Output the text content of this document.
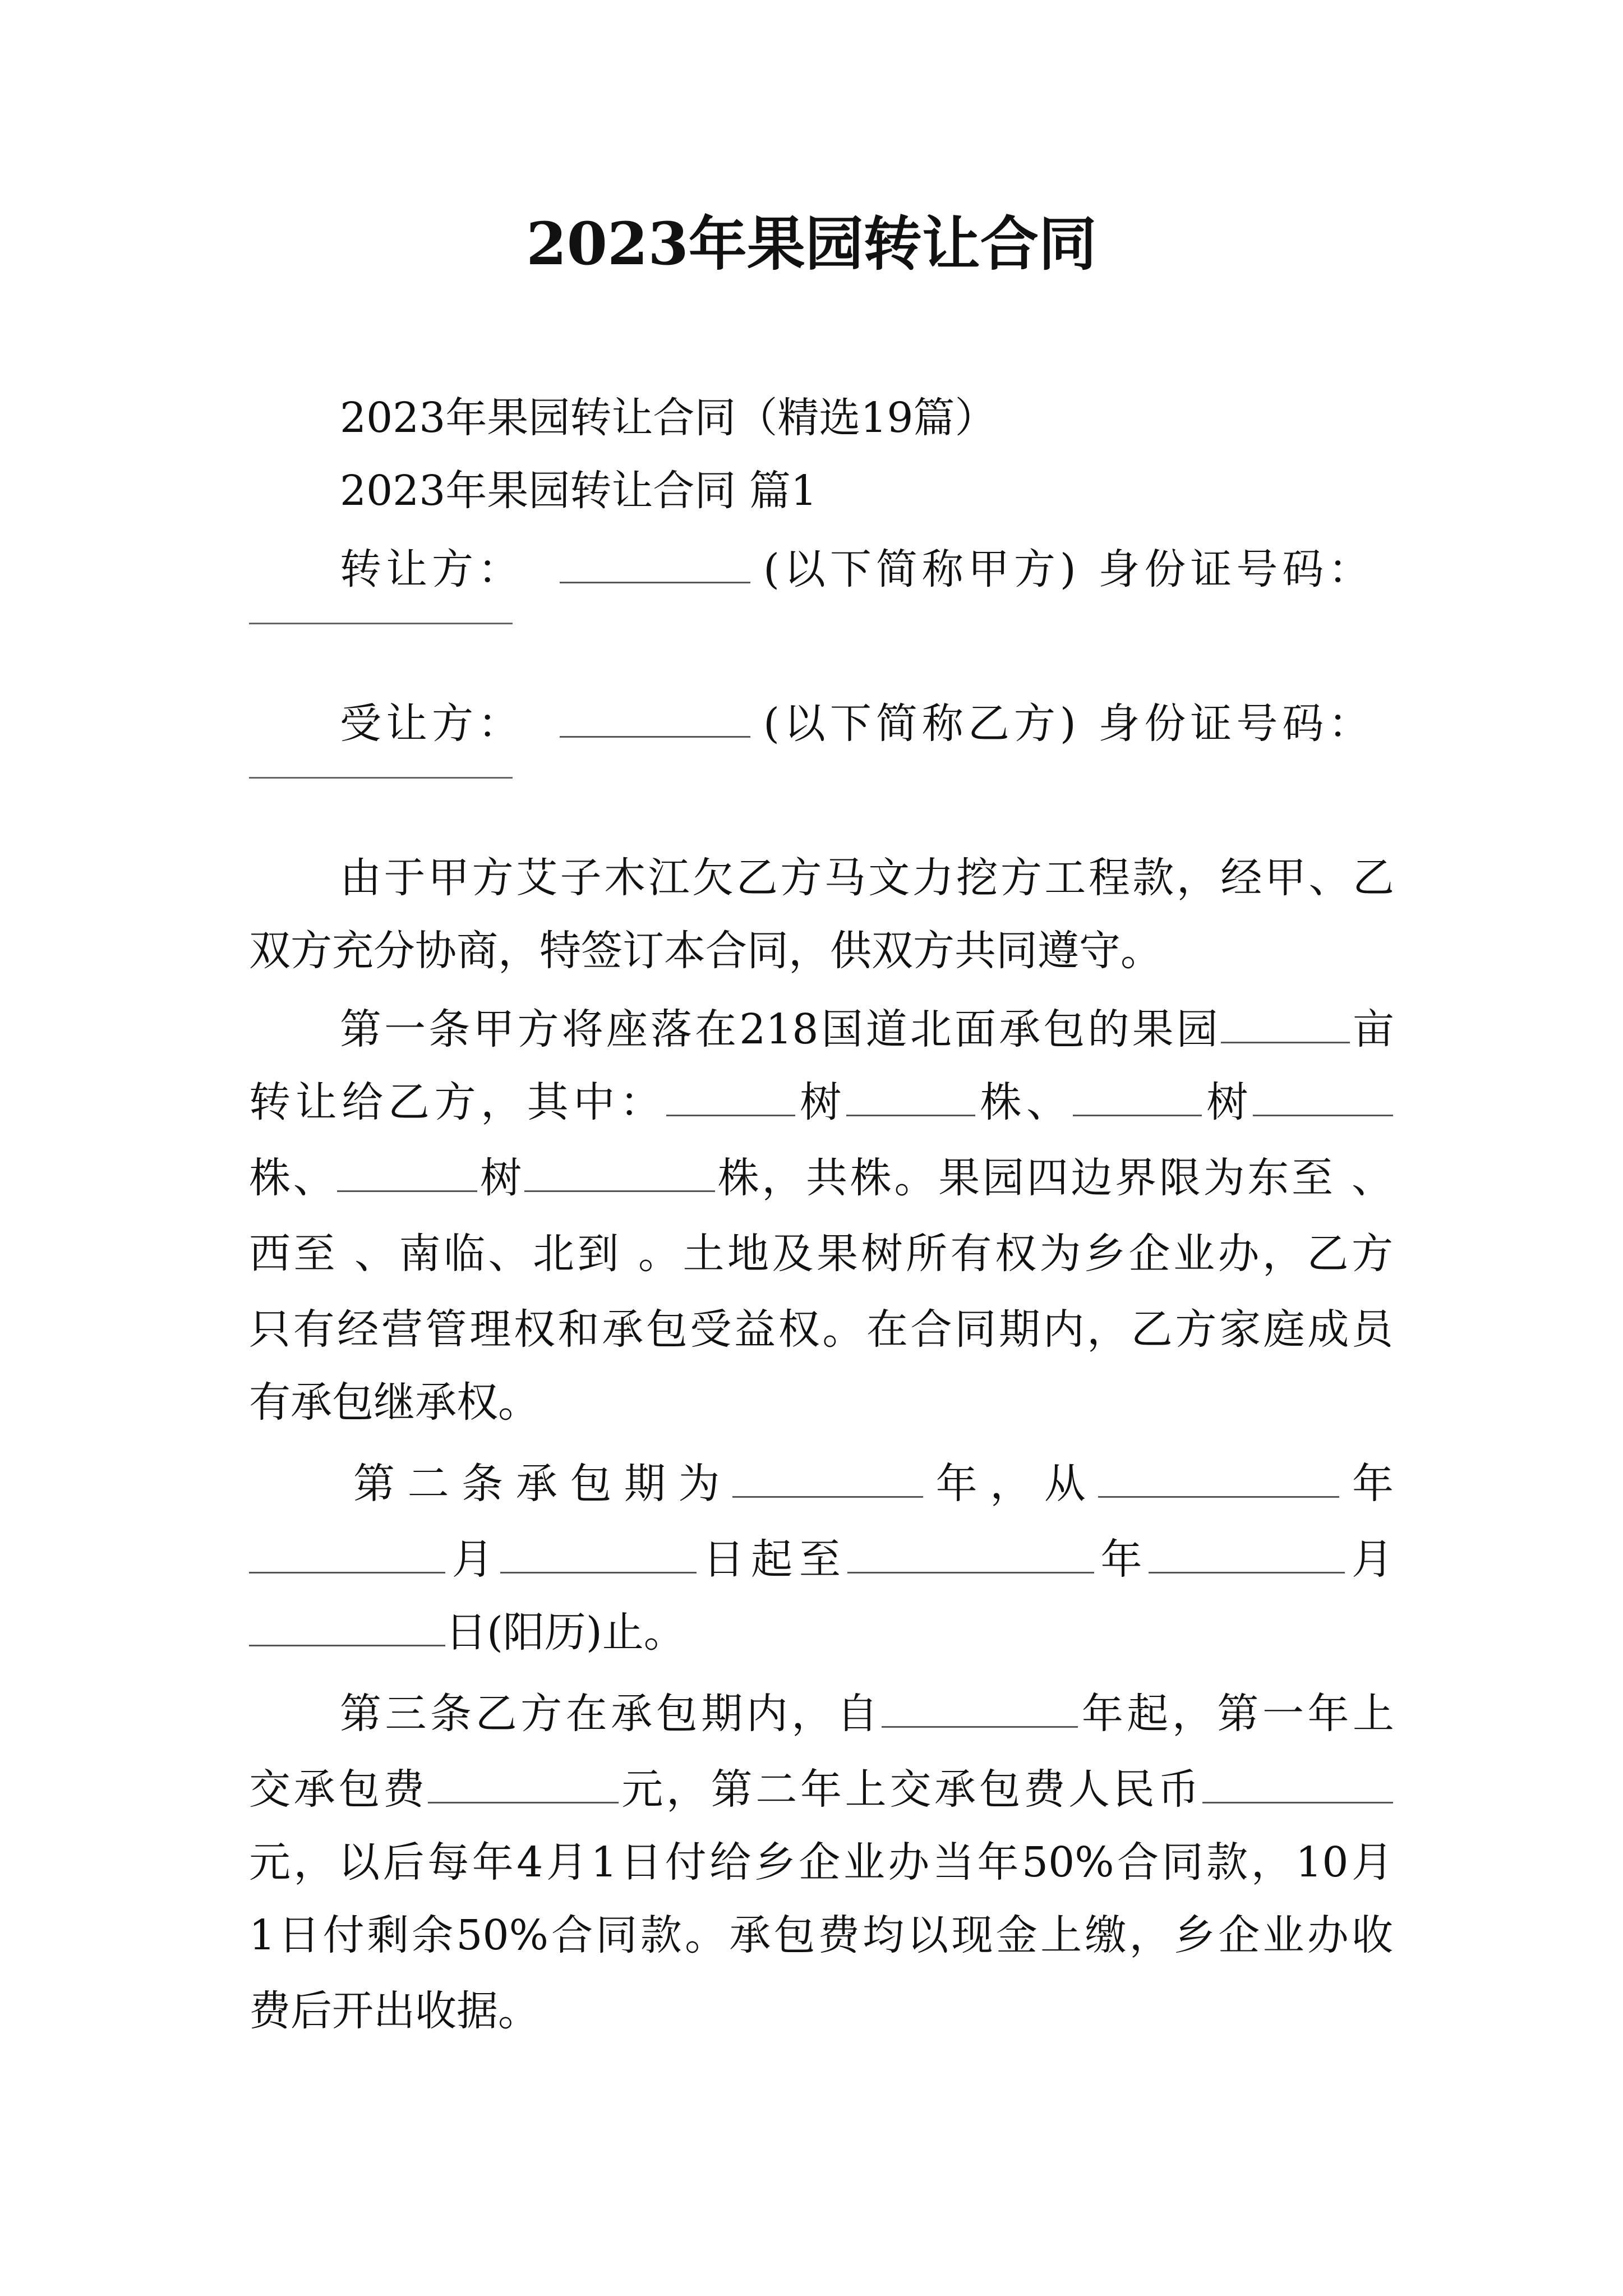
2023年果园转让合同
2023年果园转让合同（精选19篇）
2023年果园转让合同 篇1
转让方：	(以下简称甲方) 身份证号码：
受让方：	(以下简称乙方) 身份证号码：
由于甲方艾子木江欠乙方马文力挖方工程款，经甲、乙
双方充分协商，特签订本合同，供双方共同遵守。
第一条甲方将座落在218国道北面承包的果园	亩
转让给乙方，其中：	树	株、	树
株、	树	株，共株。果园四边界限为东至 、
西至 、南临、北到 。土地及果树所有权为乡企业办，乙方
只有经营管理权和承包受益权。在合同期内，乙方家庭成员
有承包继承权。
第二条承包期为	年，从	年
月	日起至	年	月
日(阳历)止。
第三条乙方在承包期内，自	年起，第一年上
交承包费	元，第二年上交承包费人民币
元，以后每年4月1日付给乡企业办当年50%合同款，10月
1日付剩余50%合同款。承包费均以现金上缴，乡企业办收
费后开出收据。
